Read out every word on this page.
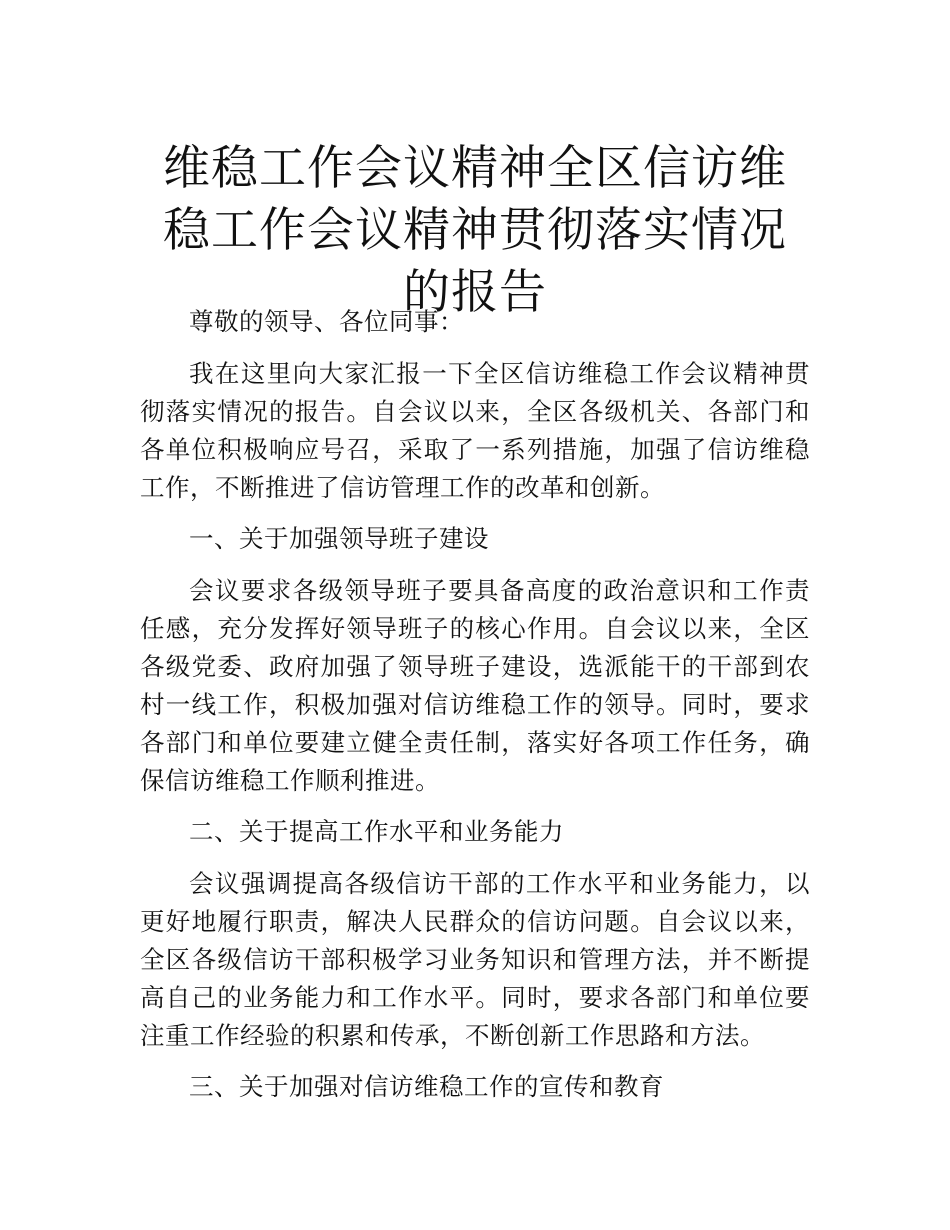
维稳工作会议精神全区信访维稳工作会议精神贯彻落实情况的报告

尊敬的领导、各位同事：

我在这里向大家汇报一下全区信访维稳工作会议精神贯彻落实情况的报告。自会议以来，全区各级机关、各部门和各单位积极响应号召，采取了一系列措施，加强了信访维稳工作，不断推进了信访管理工作的改革和创新。

一、关于加强领导班子建设

会议要求各级领导班子要具备高度的政治意识和工作责任感，充分发挥好领导班子的核心作用。自会议以来，全区各级党委、政府加强了领导班子建设，选派能干的干部到农村一线工作，积极加强对信访维稳工作的领导。同时，要求各部门和单位要建立健全责任制，落实好各项工作任务，确保信访维稳工作顺利推进。

二、关于提高工作水平和业务能力

会议强调提高各级信访干部的工作水平和业务能力，以更好地履行职责，解决人民群众的信访问题。自会议以来，全区各级信访干部积极学习业务知识和管理方法，并不断提高自己的业务能力和工作水平。同时，要求各部门和单位要注重工作经验的积累和传承，不断创新工作思路和方法。

三、关于加强对信访维稳工作的宣传和教育
